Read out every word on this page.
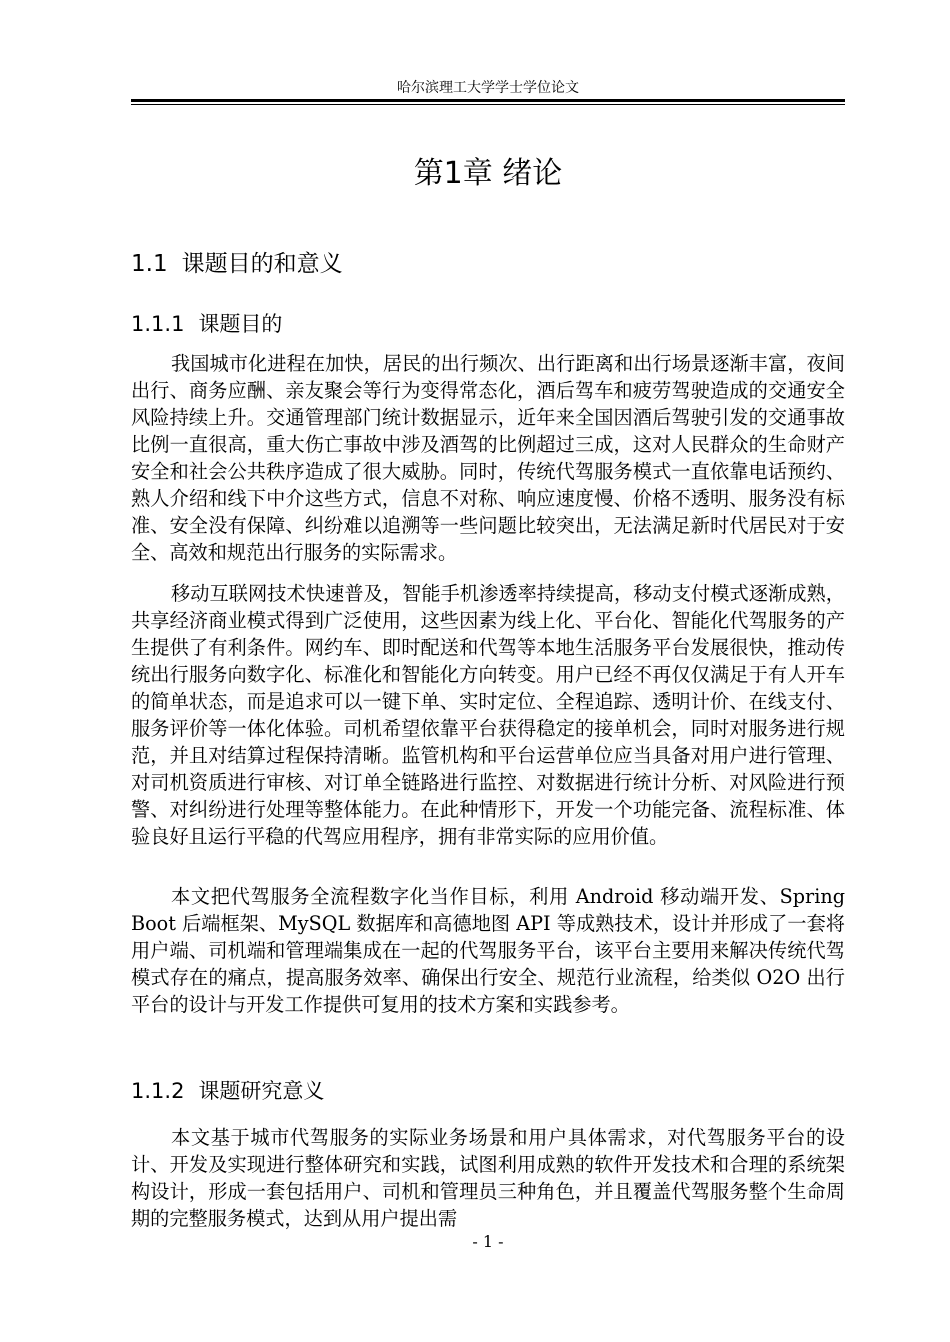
哈尔滨理工大学学士学位论文
第1章 绪论
1.1 课题目的和意义
1.1.1 课题目的

我国城市化进程在加快，居民的出行频次、出行距离和出行场景逐渐丰富，夜间出行、商务应酬、亲友聚会等行为变得常态化，酒后驾车和疲劳驾驶造成的交通安全风险持续上升。交通管理部门统计数据显示，近年来全国因酒后驾驶引发的交通事故比例一直很高，重大伤亡事故中涉及酒驾的比例超过三成，这对人民群众的生命财产安全和社会公共秩序造成了很大威胁。同时，传统代驾服务模式一直依靠电话预约、熟人介绍和线下中介这些方式，信息不对称、响应速度慢、价格不透明、服务没有标准、安全没有保障、纠纷难以追溯等一些问题比较突出，无法满足新时代居民对于安全、高效和规范出行服务的实际需求。

移动互联网技术快速普及，智能手机渗透率持续提高，移动支付模式逐渐成熟，共享经济商业模式得到广泛使用，这些因素为线上化、平台化、智能化代驾服务的产生提供了有利条件。网约车、即时配送和代驾等本地生活服务平台发展很快，推动传统出行服务向数字化、标准化和智能化方向转变。用户已经不再仅仅满足于有人开车的简单状态，而是追求可以一键下单、实时定位、全程追踪、透明计价、在线支付、服务评价等一体化体验。司机希望依靠平台获得稳定的接单机会，同时对服务进行规范，并且对结算过程保持清晰。监管机构和平台运营单位应当具备对用户进行管理、对司机资质进行审核、对订单全链路进行监控、对数据进行统计分析、对风险进行预警、对纠纷进行处理等整体能力。在此种情形下，开发一个功能完备、流程标准、体验良好且运行平稳的代驾应用程序，拥有非常实际的应用价值。

本文把代驾服务全流程数字化当作目标，利用 Android 移动端开发、Spring Boot 后端框架、MySQL 数据库和高德地图 API 等成熟技术，设计并形成了一套将用户端、司机端和管理端集成在一起的代驾服务平台，该平台主要用来解决传统代驾模式存在的痛点，提高服务效率、确保出行安全、规范行业流程，给类似 O2O 出行平台的设计与开发工作提供可复用的技术方案和实践参考。

1.1.2 课题研究意义

本文基于城市代驾服务的实际业务场景和用户具体需求，对代驾服务平台的设计、开发及实现进行整体研究和实践，试图利用成熟的软件开发技术和合理的系统架构设计，形成一套包括用户、司机和管理员三种角色，并且覆盖代驾服务整个生命周期的完整服务模式，达到从用户提出需

- 1 -
